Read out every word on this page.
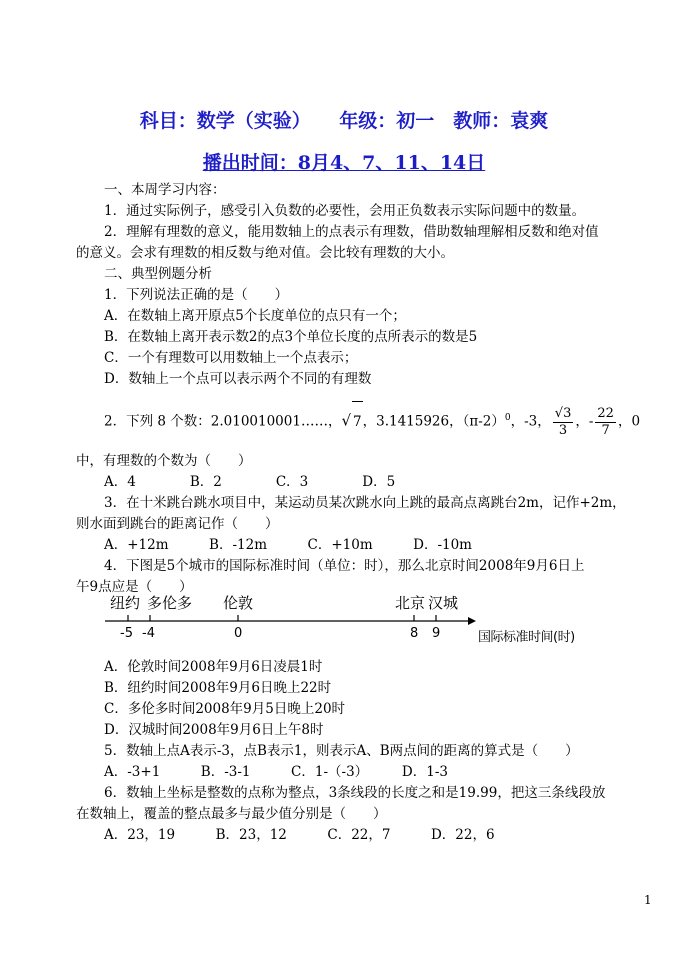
科目：数学（实验）　　年级：初一　教师：袁爽
播出时间：8月4、7、11、14日
一、本周学习内容：
1．通过实际例子，感受引入负数的必要性，会用正负数表示实际问题中的数量。
2．理解有理数的意义，能用数轴上的点表示有理数，借助数轴理解相反数和绝对值
的意义。会求有理数的相反数与绝对值。会比较有理数的大小。
二、典型例题分析
1．下列说法正确的是（　　）
A．在数轴上离开原点5个长度单位的点只有一个；
B．在数轴上离开表示数2的点3个单位长度的点所表示的数是5
C．一个有理数可以用数轴上一个点表示；
D．数轴上一个点可以表示两个不同的有理数
2．下列 8 个数：2.010010001……，√ 7，3.1415926，$(\pi-2)^0$，-3， $\frac{√3}{3}$ ，- $\frac{22}{7}$ ，0
中，有理数的个数为（　　）
A．4　　　　B．2　　　　C．3　　　　D．5
3．在十米跳台跳水项目中，某运动员某次跳水向上跳的最高点离跳台2m，记作+2m，
则水面到跳台的距离记作（　　）
A．+12m　　　B．-12m　　　C．+10m　　　D．-10m
4．下图是5个城市的国际标准时间（单位：时），那么北京时间2008年9月6日上
午9点应是（　　）
纽约 多伦多 伦敦	北京 汉城
-5 -4	0	8 9	国际标准时间(时)
A．伦敦时间2008年9月6日凌晨1时
B．纽约时间2008年9月6日晚上22时
C．多伦多时间2008年9月5日晚上20时
D．汉城时间2008年9月6日上午8时
5．数轴上点A表示-3，点B表示1，则表示A、B两点间的距离的算式是（　　）
A．-3+1　　　B．-3-1　　　C．1-（-3）　　　D．1-3
6．数轴上坐标是整数的点称为整点，3条线段的长度之和是19.99，把这三条线段放
在数轴上，覆盖的整点最多与最少值分别是（　　）
A．23，19　　　B．23，12　　　C．22，7　　　D．22，6
1
